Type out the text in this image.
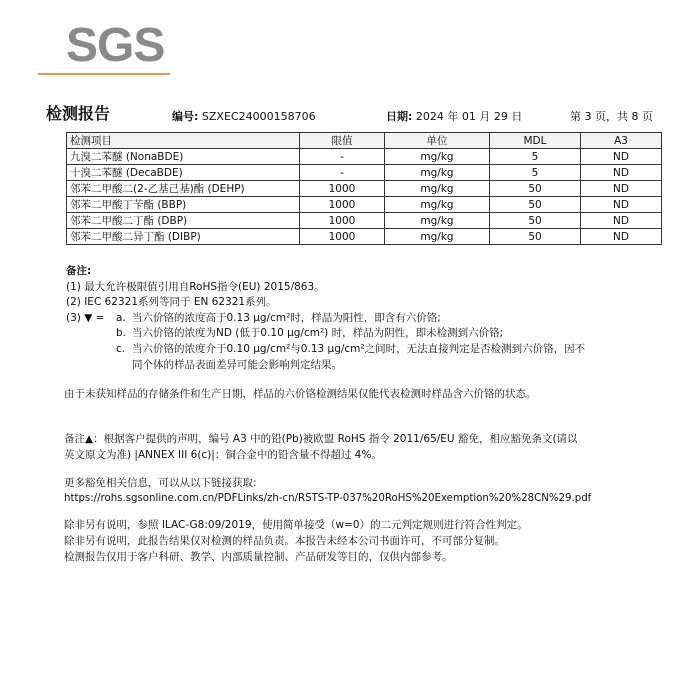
SGS
检测报告	编号: SZXEC24000158706	日期: 2024 年 01 月 29 日	第 3 页，共 8 页
检测项目	限值	单位	MDL	A3
九溴二苯醚 (NonaBDE)	-	mg/kg	5	ND
十溴二苯醚 (DecaBDE)	-	mg/kg	5	ND
邻苯二甲酸二(2-乙基己基)酯 (DEHP)	1000	mg/kg	50	ND
邻苯二甲酸丁苄酯 (BBP)	1000	mg/kg	50	ND
邻苯二甲酸二丁酯 (DBP)	1000	mg/kg	50	ND
邻苯二甲酸二异丁酯 (DIBP)	1000	mg/kg	50	ND

备注:

(1) 最大允许极限值引用自RoHS指令(EU) 2015/863。

(2) IEC 62321系列等同于 EN 62321系列。

(3) ▼ = a. 当六价铬的浓度高于0.13 μg/cm²时，样品为阳性，即含有六价铬;
b. 当六价铬的浓度为ND (低于0.10 μg/cm²) 时，样品为阴性，即未检测到六价铬;
c. 当六价铬的浓度介于0.10 μg/cm²与0.13 μg/cm²之间时，无法直接判定是否检测到六价铬，因不
同个体的样品表面差异可能会影响判定结果。

由于未获知样品的存储条件和生产日期，样品的六价铬检测结果仅能代表检测时样品含六价铬的状态。

备注▲：根据客户提供的声明，编号 A3 中的铅(Pb)被欧盟 RoHS 指令 2011/65/EU 豁免，相应豁免条文(请以

英文原文为准) |ANNEX III 6(c)|：铜合金中的铅含量不得超过 4%。

更多豁免相关信息，可以从以下链接获取:

https://rohs.sgsonline.com.cn/PDFLinks/zh-cn/RSTS-TP-037%20RoHS%20Exemption%20%28CN%29.pdf

除非另有说明，参照 ILAC-G8:09/2019，使用简单接受（w=0）的二元判定规则进行符合性判定。

除非另有说明，此报告结果仅对检测的样品负责。本报告未经本公司书面许可，不可部分复制。

检测报告仅用于客户科研、教学、内部质量控制、产品研发等目的，仅供内部参考。
